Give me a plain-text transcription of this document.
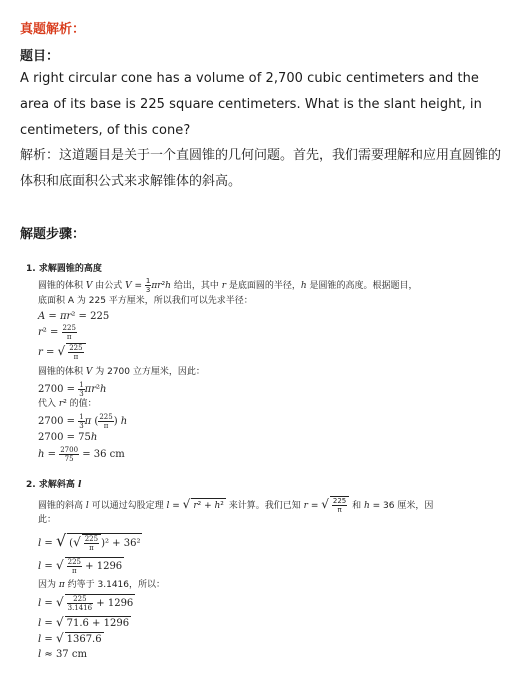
真题解析：
题目：
A right circular cone has a volume of 2,700 cubic centimeters and the area of its base is 225 square centimeters. What is the slant height, in centimeters, of this cone?
解析：这道题目是关于一个直圆锥的几何问题。首先，我们需要理解和应用直圆锥的体积和底面积公式来求解锥体的斜高。
解题步骤：
1. 求解圆锥的高度
圆锥的体积 V 由公式 $V = \frac{1}{3} \pi r^2h$ 给出，其中 r 是底面圆的半径，h 是圆锥的高度。根据题目，
底面积 A 为 225 平方厘米，所以我们可以先求半径：
A = πr² = 225
$r^2 = \frac{225}{\pi}$
r = √ $\frac{225}{\pi}$
圆锥的体积 V 为 2700 立方厘米，因此：
$2700 = \frac{1}{3} \pi r^2h$
代入 r² 的值：
$2700 = \frac{1}{3}$ π ( $\frac{225}{\pi}$ ) h
2700 = 75h
$h = \frac{2700}{75} = 36$ cm
2. 求解斜高 l
圆锥的斜高 l 可以通过勾股定理 l = √ r² + h² 来计算。我们已知 r = √ $\frac{225}{\pi}$ 和 h = 36 厘米，因
此：
l = √ (√ $\frac{225}{\pi} )^2 + 36^2$
l = √ $\frac{225}{\pi} + 1296$
因为 π 约等于 3.1416，所以：
l = √ $\frac{225}{3.1416} + 1296$
l = √ 71.6 + 1296
l = √ 1367.6
l ≈ 37 cm
